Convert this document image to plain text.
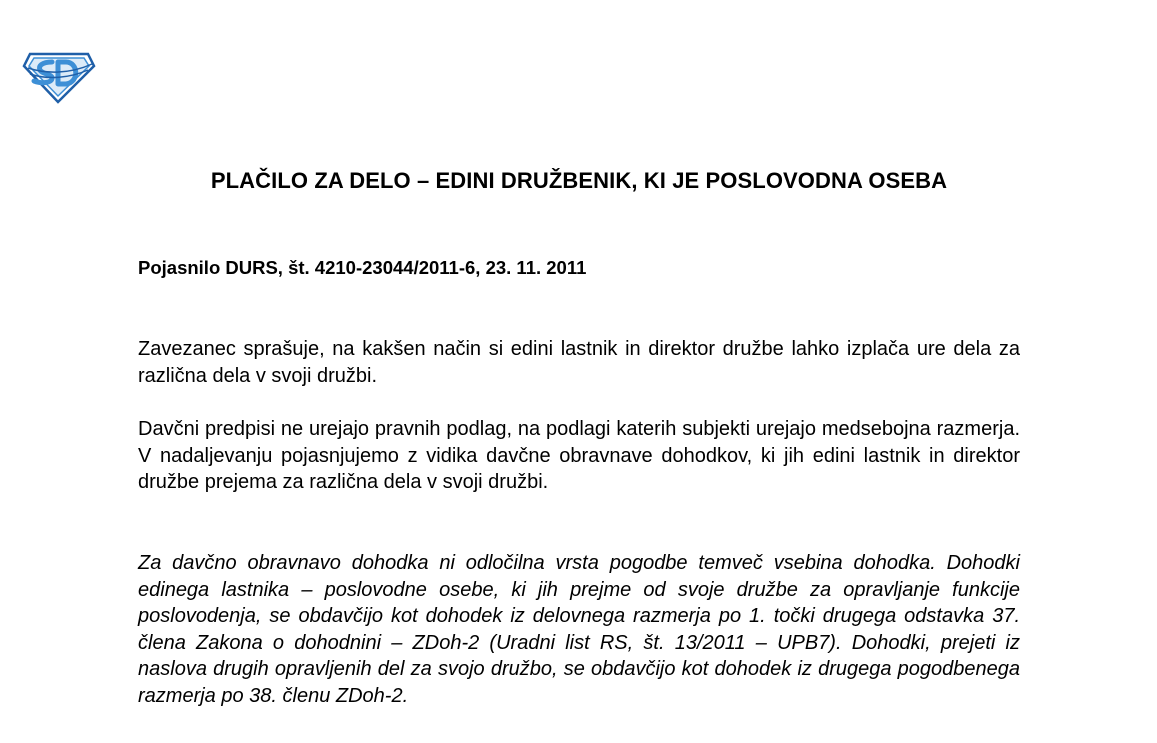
PLAČILO ZA DELO – EDINI DRUŽBENIK, KI JE POSLOVODNA OSEBA
Pojasnilo DURS, št. 4210-23044/2011-6, 23. 11. 2011

Zavezanec sprašuje, na kakšen način si edini lastnik in direktor družbe lahko izplača ure dela za različna dela v svoji družbi.

Davčni predpisi ne urejajo pravnih podlag, na podlagi katerih subjekti urejajo medsebojna razmerja. V nadaljevanju pojasnjujemo z vidika davčne obravnave dohodkov, ki jih edini lastnik in direktor družbe prejema za različna dela v svoji družbi.

Za davčno obravnavo dohodka ni odločilna vrsta pogodbe temveč vsebina dohodka. Dohodki edinega lastnika – poslovodne osebe, ki jih prejme od svoje družbe za opravljanje funkcije poslovodenja, se obdavčijo kot dohodek iz delovnega razmerja po 1. točki drugega odstavka 37. člena Zakona o dohodnini – ZDoh-2 (Uradni list RS, št. 13/2011 – UPB7). Dohodki, prejeti iz naslova drugih opravljenih del za svojo družbo, se obdavčijo kot dohodek iz drugega pogodbenega razmerja po 38. členu ZDoh-2.
